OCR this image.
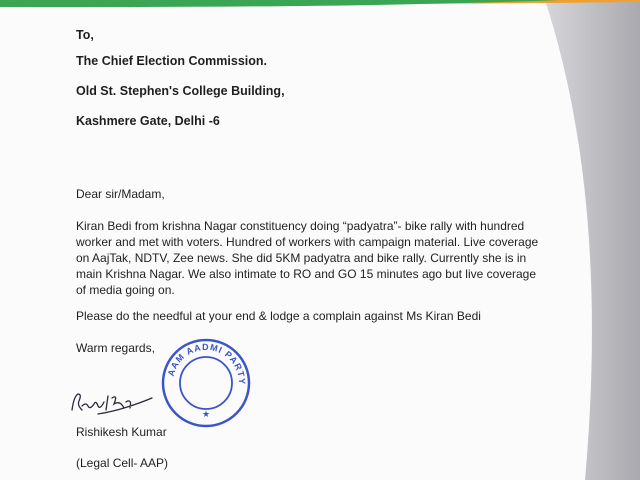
To,

The Chief Election Commission.

Old St. Stephen's College Building,

Kashmere Gate, Delhi -6

Dear sir/Madam,

Kiran Bedi from krishna Nagar constituency doing “padyatra”- bike rally with hundred
worker and met with voters. Hundred of workers with campaign material. Live coverage
on AajTak, NDTV, Zee news. She did 5KM padyatra and bike rally. Currently she is in
main Krishna Nagar. We also intimate to RO and GO 15 minutes ago but live coverage
of media going on.

Please do the needful at your end & lodge a complain against Ms Kiran Bedi

Warm regards,

AAM AADMI PARTY
★

Rishikesh Kumar

(Legal Cell- AAP)
